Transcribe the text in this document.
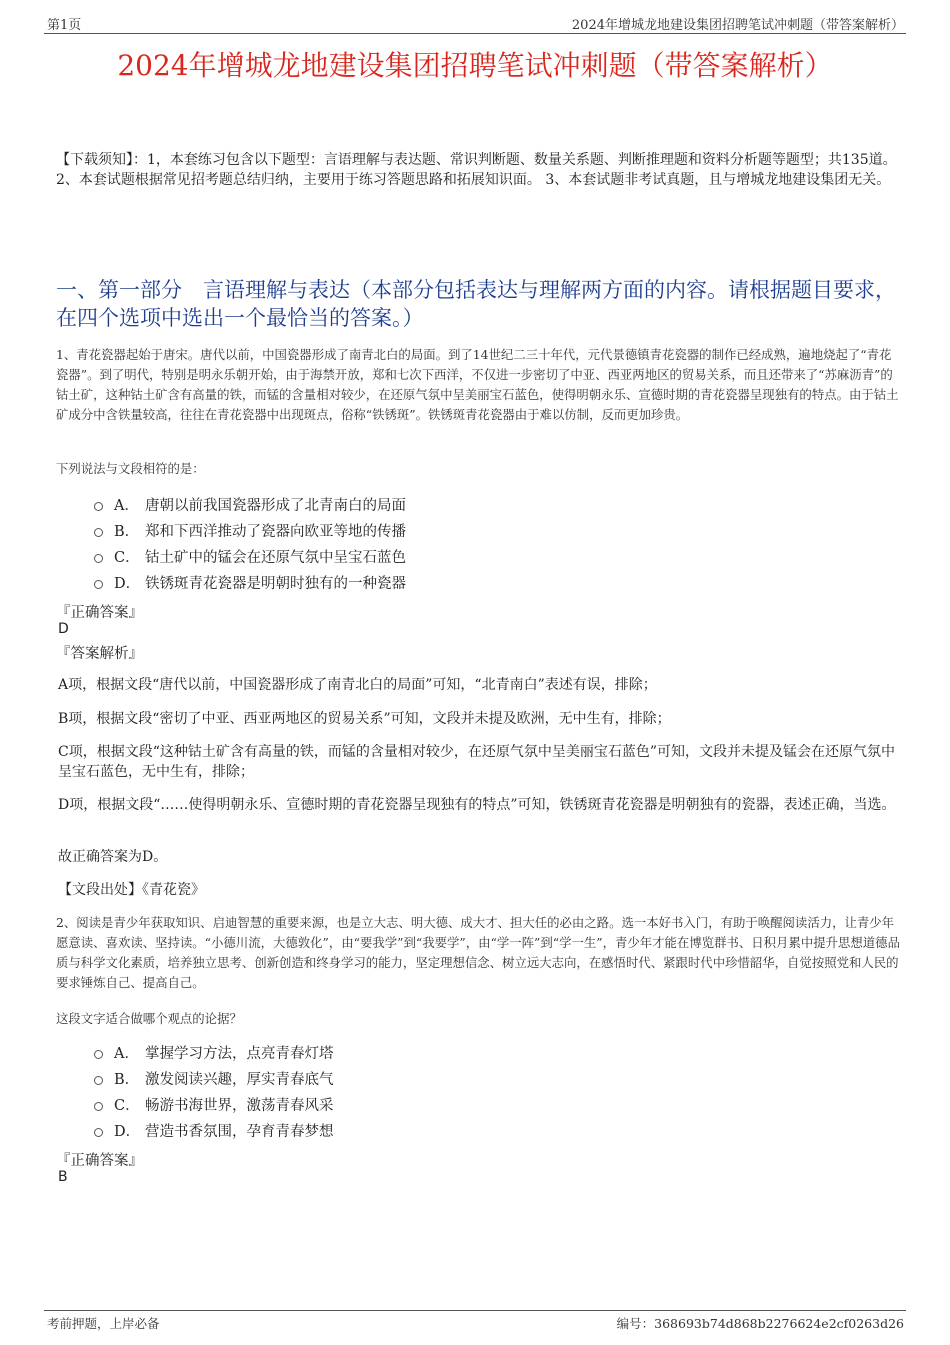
第1页	2024年增城龙地建设集团招聘笔试冲刺题（带答案解析）
2024年增城龙地建设集团招聘笔试冲刺题（带答案解析）
【下载须知】：1，本套练习包含以下题型：言语理解与表达题、常识判断题、数量关系题、判断推理题和资料分析题等题型；共135道。 2、本套试题根据常见招考题总结归纳，主要用于练习答题思路和拓展知识面。 3、本套试题非考试真题，且与增城龙地建设集团无关。
一、第一部分　言语理解与表达（本部分包括表达与理解两方面的内容。请根据题目要求，在四个选项中选出一个最恰当的答案。）
1、青花瓷器起始于唐宋。唐代以前，中国瓷器形成了南青北白的局面。到了14世纪二三十年代，元代景德镇青花瓷器的制作已经成熟，遍地烧起了“青花瓷器”。到了明代，特别是明永乐朝开始，由于海禁开放，郑和七次下西洋，不仅进一步密切了中亚、西亚两地区的贸易关系，而且还带来了“苏麻沥青”的钴土矿，这种钴土矿含有高量的铁，而锰的含量相对较少，在还原气氛中呈美丽宝石蓝色，使得明朝永乐、宣德时期的青花瓷器呈现独有的特点。由于钴土矿成分中含铁量较高，往往在青花瓷器中出现斑点，俗称“铁锈斑”。铁锈斑青花瓷器由于难以仿制，反而更加珍贵。
下列说法与文段相符的是：
A． 唐朝以前我国瓷器形成了北青南白的局面
B． 郑和下西洋推动了瓷器向欧亚等地的传播
C． 钴土矿中的锰会在还原气氛中呈宝石蓝色
D． 铁锈斑青花瓷器是明朝时独有的一种瓷器
『正确答案』
D
『答案解析』
A项，根据文段“唐代以前，中国瓷器形成了南青北白的局面”可知，“北青南白”表述有误，排除；
B项，根据文段“密切了中亚、西亚两地区的贸易关系”可知，文段并未提及欧洲，无中生有，排除；
C项，根据文段“这种钴土矿含有高量的铁，而锰的含量相对较少，在还原气氛中呈美丽宝石蓝色”可知，文段并未提及锰会在还原气氛中呈宝石蓝色，无中生有，排除；
D项，根据文段“……使得明朝永乐、宣德时期的青花瓷器呈现独有的特点”可知，铁锈斑青花瓷器是明朝独有的瓷器，表述正确，当选。
故正确答案为D。
【文段出处】《青花瓷》
2、阅读是青少年获取知识、启迪智慧的重要来源，也是立大志、明大德、成大才、担大任的必由之路。选一本好书入门，有助于唤醒阅读活力，让青少年愿意读、喜欢读、坚持读。“小德川流，大德敦化”，由“要我学”到“我要学”，由“学一阵”到“学一生”，青少年才能在博览群书、日积月累中提升思想道德品质与科学文化素质，培养独立思考、创新创造和终身学习的能力，坚定理想信念、树立远大志向，在感悟时代、紧跟时代中珍惜韶华，自觉按照党和人民的要求锤炼自己、提高自己。
这段文字适合做哪个观点的论据？
A． 掌握学习方法，点亮青春灯塔
B． 激发阅读兴趣，厚实青春底气
C． 畅游书海世界，激荡青春风采
D． 营造书香氛围，孕育青春梦想
『正确答案』
B
考前押题，上岸必备	编号：368693b74d868b2276624e2cf0263d26
